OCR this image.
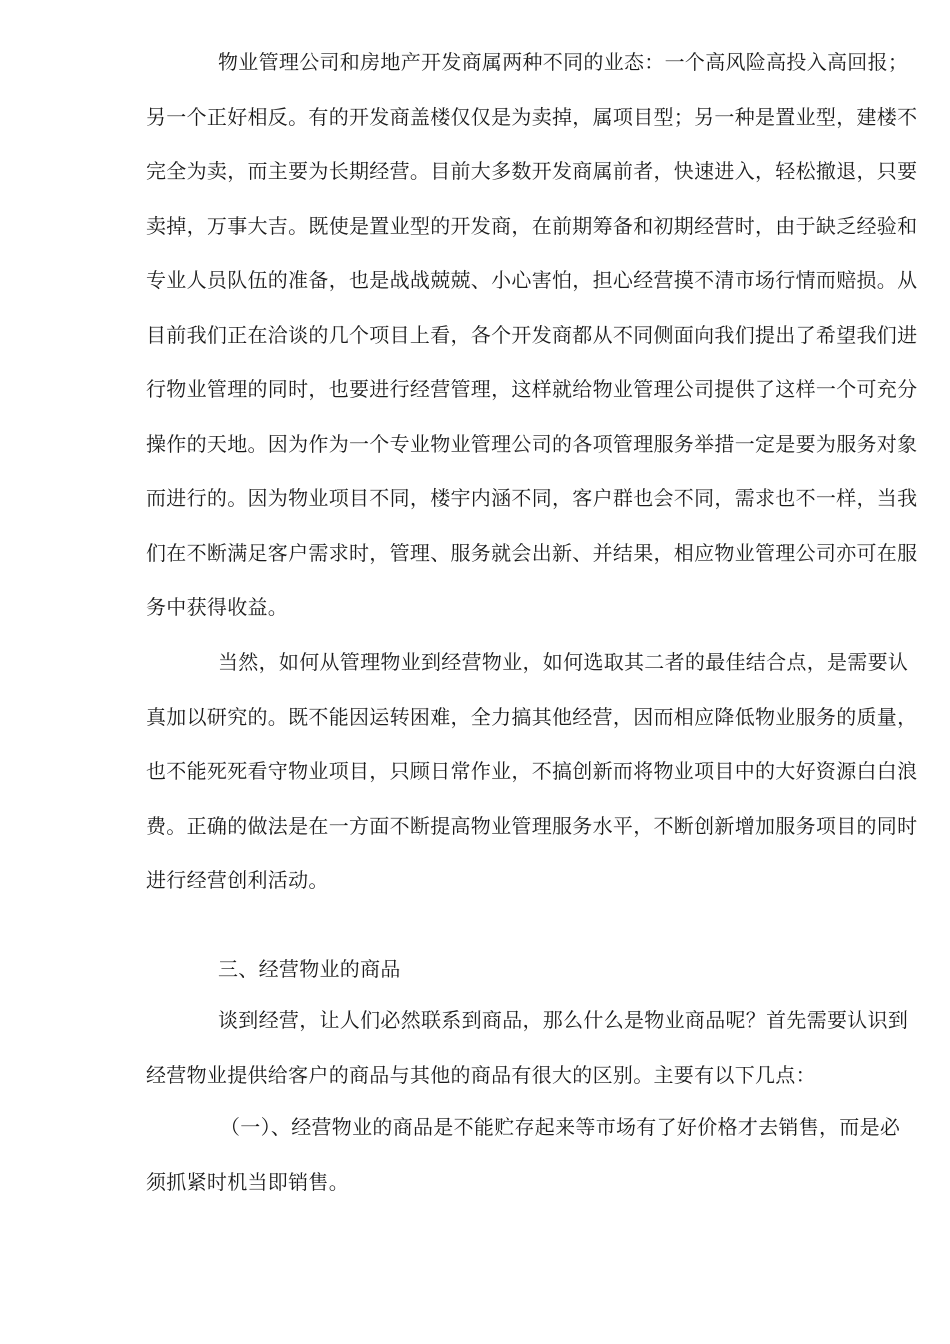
物业管理公司和房地产开发商属两种不同的业态：一个高风险高投入高回报；
另一个正好相反。有的开发商盖楼仅仅是为卖掉，属项目型；另一种是置业型，建楼不
完全为卖，而主要为长期经营。目前大多数开发商属前者，快速进入，轻松撤退，只要
卖掉，万事大吉。既使是置业型的开发商，在前期筹备和初期经营时，由于缺乏经验和
专业人员队伍的准备，也是战战兢兢、小心害怕，担心经营摸不清市场行情而赔损。从
目前我们正在洽谈的几个项目上看，各个开发商都从不同侧面向我们提出了希望我们进
行物业管理的同时，也要进行经营管理，这样就给物业管理公司提供了这样一个可充分
操作的天地。因为作为一个专业物业管理公司的各项管理服务举措一定是要为服务对象
而进行的。因为物业项目不同，楼宇内涵不同，客户群也会不同，需求也不一样，当我
们在不断满足客户需求时，管理、服务就会出新、并结果，相应物业管理公司亦可在服
务中获得收益。
当然，如何从管理物业到经营物业，如何选取其二者的最佳结合点，是需要认
真加以研究的。既不能因运转困难，全力搞其他经营，因而相应降低物业服务的质量，
也不能死死看守物业项目，只顾日常作业，不搞创新而将物业项目中的大好资源白白浪
费。正确的做法是在一方面不断提高物业管理服务水平，不断创新增加服务项目的同时
进行经营创利活动。
三、经营物业的商品
谈到经营，让人们必然联系到商品，那么什么是物业商品呢？首先需要认识到
经营物业提供给客户的商品与其他的商品有很大的区别。主要有以下几点：
（一）、经营物业的商品是不能贮存起来等市场有了好价格才去销售，而是必
须抓紧时机当即销售。
